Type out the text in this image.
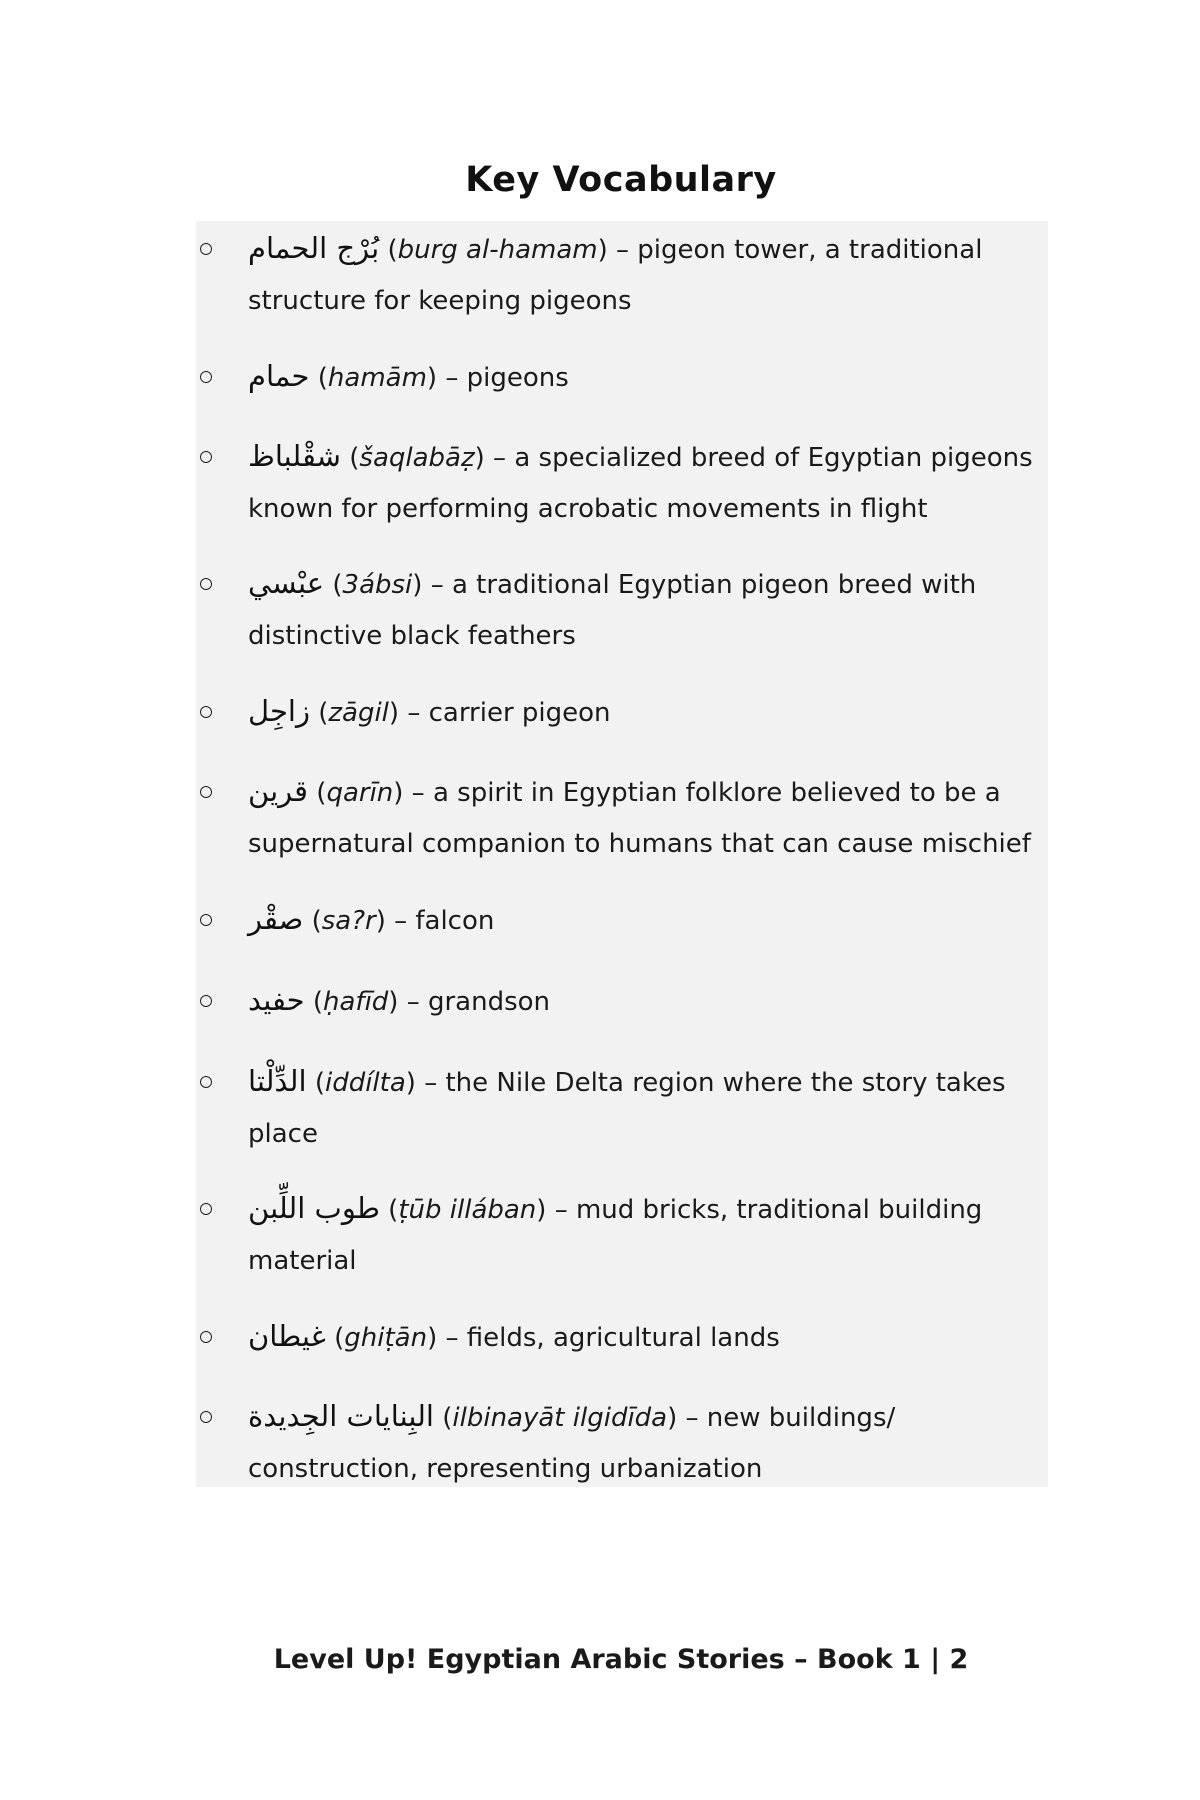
Key Vocabulary
بُرْج الحمام (burg al-hamam) – pigeon tower, a traditional structure for keeping pigeons
حمام (hamām) – pigeons
شقْلباظ (šaqlabāẓ) – a specialized breed of Egyptian pigeons known for performing acrobatic movements in flight
عبْسي (3ábsi) – a traditional Egyptian pigeon breed with distinctive black feathers
زاجِل (zāgil) – carrier pigeon
قرين (qarīn) – a spirit in Egyptian folklore believed to be a supernatural companion to humans that can cause mischief
صقْر (sa?r) – falcon
حفيد (ḥafīd) – grandson
الدِّلْتا (iddílta) – the Nile Delta region where the story takes place
طوب اللِّبن (ṭūb illában) – mud bricks, traditional building material
غيطان (ghiṭān) – fields, agricultural lands
البِنايات الجِديدة (ilbinayāt ilgidīda) – new buildings/ construction, representing urbanization
Level Up! Egyptian Arabic Stories – Book 1 | 2
